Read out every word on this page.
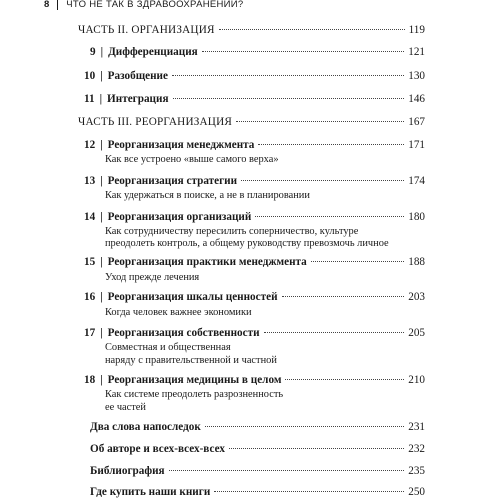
8 ЧТО НЕ ТАК В ЗДРАВООХРАНЕНИИ?
ЧАСТЬ II. ОРГАНИЗАЦИЯ	119
9 | Дифференциация	121
10 | Разобщение	130
11 | Интеграция	146
ЧАСТЬ III. РЕОРГАНИЗАЦИЯ	167
12 | Реорганизация менеджмента	171
Как все устроено «выше самого верха»
13 | Реорганизация стратегии	174
Как удержаться в поиске, а не в планировании
14 | Реорганизация организаций	180
Как сотрудничеству пересилить соперничество, культуре
преодолеть контроль, а общему руководству превозмочь личное
15 | Реорганизация практики менеджмента	188
Уход прежде лечения
16 | Реорганизация шкалы ценностей	203
Когда человек важнее экономики
17 | Реорганизация собственности	205
Совместная и общественная
наряду с правительственной и частной
18 | Реорганизация медицины в целом	210
Как системе преодолеть разрозненность
ее частей
Два слова напоследок	231
Об авторе и всех-всех-всех	232
Библиография	235
Где купить наши книги	250
